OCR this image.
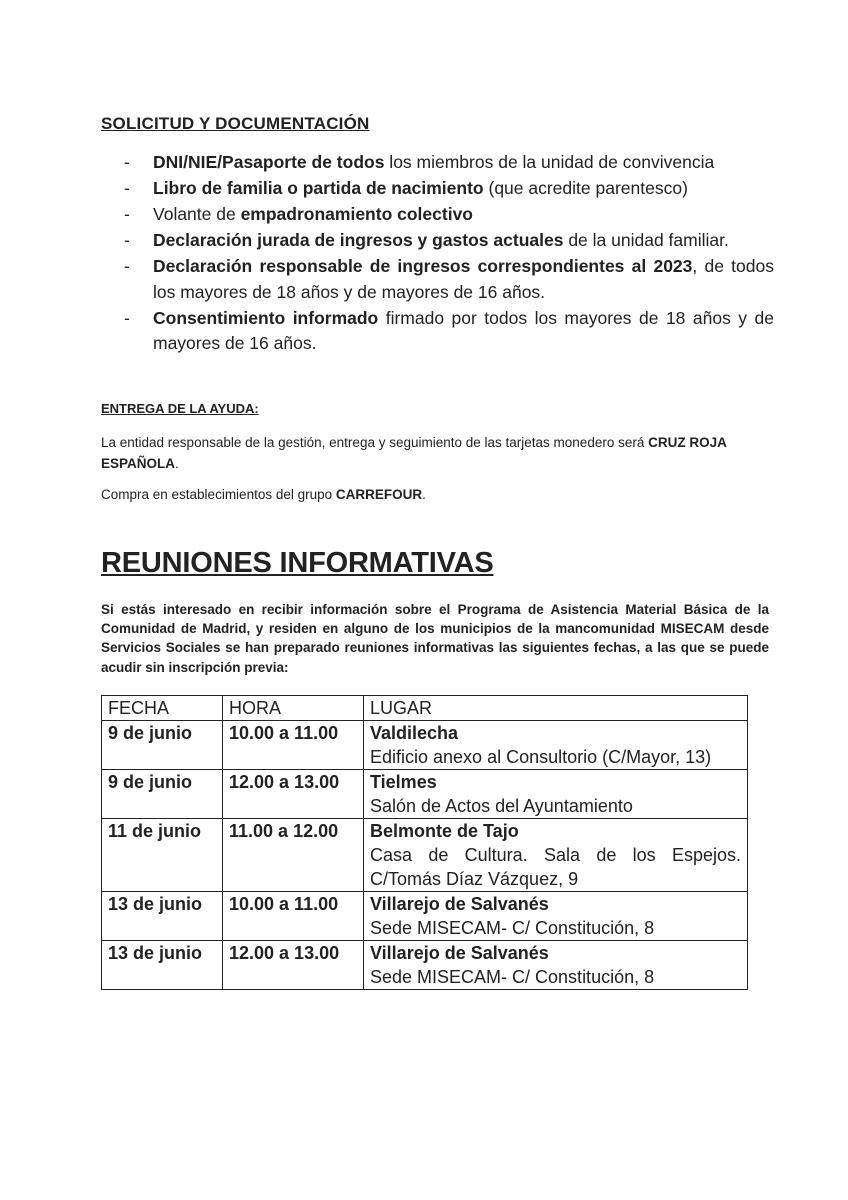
SOLICITUD Y DOCUMENTACIÓN
- DNI/NIE/Pasaporte de todos los miembros de la unidad de convivencia
- Libro de familia o partida de nacimiento (que acredite parentesco)
- Volante de empadronamiento colectivo
- Declaración jurada de ingresos y gastos actuales de la unidad familiar.
- Declaración responsable de ingresos correspondientes al 2023, de todos los mayores de 18 años y de mayores de 16 años.
- Consentimiento informado firmado por todos los mayores de 18 años y de mayores de 16 años.
ENTREGA DE LA AYUDA:

La entidad responsable de la gestión, entrega y seguimiento de las tarjetas monedero será CRUZ ROJA ESPAÑOLA.

Compra en establecimientos del grupo CARREFOUR.

REUNIONES INFORMATIVAS

Si estás interesado en recibir información sobre el Programa de Asistencia Material Básica de la Comunidad de Madrid, y residen en alguno de los municipios de la mancomunidad MISECAM desde Servicios Sociales se han preparado reuniones informativas las siguientes fechas, a las que se puede acudir sin inscripción previa:

FECHA	HORA	LUGAR
9 de junio	10.00 a 11.00	Valdilecha
Edificio anexo al Consultorio (C/Mayor, 13)

9 de junio	12.00 a 13.00	Tielmes
Salón de Actos del Ayuntamiento

11 de junio	11.00 a 12.00	Belmonte de Tajo
Casa de Cultura. Sala de los Espejos. C/Tomás Díaz Vázquez, 9

13 de junio	10.00 a 11.00	Villarejo de Salvanés
Sede MISECAM- C/ Constitución, 8

13 de junio	12.00 a 13.00	Villarejo de Salvanés
Sede MISECAM- C/ Constitución, 8
